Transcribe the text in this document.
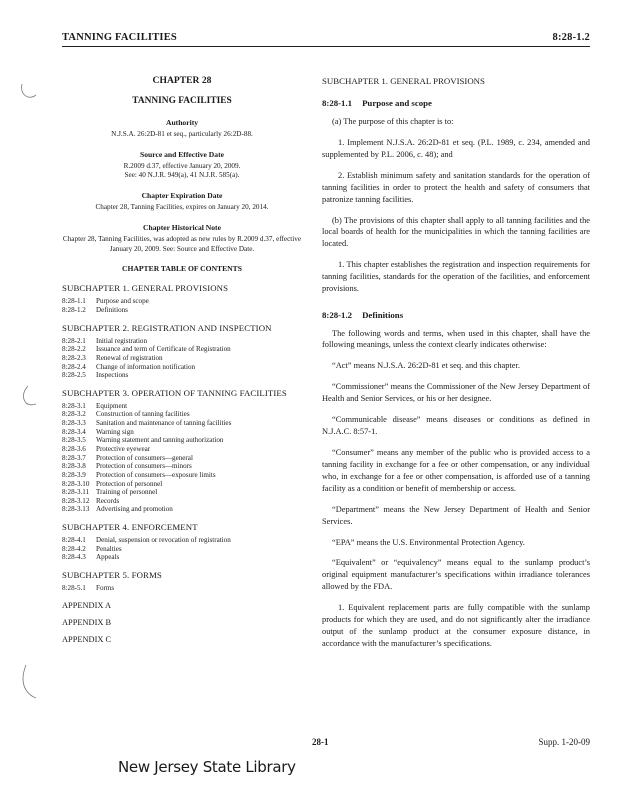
TANNING FACILITIES	8:28-1.2
CHAPTER 28
TANNING FACILITIES
Authority
N.J.S.A. 26:2D-81 et seq., particularly 26:2D-88.
Source and Effective Date
R.2009 d.37, effective January 20, 2009.
See: 40 N.J.R. 949(a), 41 N.J.R. 585(a).
Chapter Expiration Date
Chapter 28, Tanning Facilities, expires on January 20, 2014.
Chapter Historical Note
Chapter 28, Tanning Facilities, was adopted as new rules by R.2009 d.37, effective January 20, 2009. See: Source and Effective Date.
CHAPTER TABLE OF CONTENTS
SUBCHAPTER 1. GENERAL PROVISIONS
8:28-1.1	Purpose and scope
8:28-1.2	Definitions
SUBCHAPTER 2. REGISTRATION AND INSPECTION
8:28-2.1	Initial registration
8:28-2.2	Issuance and term of Certificate of Registration
8:28-2.3	Renewal of registration
8:28-2.4	Change of information notification
8:28-2.5	Inspections
SUBCHAPTER 3. OPERATION OF TANNING FACILITIES
8:28-3.1	Equipment
8:28-3.2	Construction of tanning facilities
8:28-3.3	Sanitation and maintenance of tanning facilities
8:28-3.4	Warning sign
8:28-3.5	Warning statement and tanning authorization
8:28-3.6	Protective eyewear
8:28-3.7	Protection of consumers—general
8:28-3.8	Protection of consumers—minors
8:28-3.9	Protection of consumers—exposure limits
8:28-3.10 Protection of personnel
8:28-3.11 Training of personnel
8:28-3.12 Records
8:28-3.13 Advertising and promotion
SUBCHAPTER 4. ENFORCEMENT
8:28-4.1	Denial, suspension or revocation of registration
8:28-4.2	Penalties
8:28-4.3	Appeals
SUBCHAPTER 5. FORMS
8:28-5.1	Forms
APPENDIX A
APPENDIX B
APPENDIX C
SUBCHAPTER 1. GENERAL PROVISIONS
8:28-1.1 Purpose and scope

(a) The purpose of this chapter is to:

1. Implement N.J.S.A. 26:2D-81 et seq. (P.L. 1989, c. 234, amended and supplemented by P.L. 2006, c. 48); and

2. Establish minimum safety and sanitation standards for the operation of tanning facilities in order to protect the health and safety of consumers that patronize tanning facilities.

(b) The provisions of this chapter shall apply to all tanning facilities and the local boards of health for the municipalities in which the tanning facilities are located.

1. This chapter establishes the registration and inspection requirements for tanning facilities, standards for the operation of the facilities, and enforcement provisions.

8:28-1.2 Definitions

The following words and terms, when used in this chapter, shall have the following meanings, unless the context clearly indicates otherwise:

“Act” means N.J.S.A. 26:2D-81 et seq. and this chapter.

“Commissioner” means the Commissioner of the New Jersey Department of Health and Senior Services, or his or her designee.

“Communicable disease” means diseases or conditions as defined in N.J.A.C. 8:57-1.

“Consumer” means any member of the public who is provided access to a tanning facility in exchange for a fee or other compensation, or any individual who, in exchange for a fee or other compensation, is afforded use of a tanning facility as a condition or benefit of membership or access.

“Department” means the New Jersey Department of Health and Senior Services.

“EPA” means the U.S. Environmental Protection Agency.

“Equivalent” or “equivalency” means equal to the sunlamp product’s original equipment manufacturer’s specifications within irradiance tolerances allowed by the FDA.

1. Equivalent replacement parts are fully compatible with the sunlamp products for which they are used, and do not significantly alter the irradiance output of the sunlamp product at the consumer exposure distance, in accordance with the manufacturer’s specifications.

28-1	Supp. 1-20-09
New Jersey State Library
